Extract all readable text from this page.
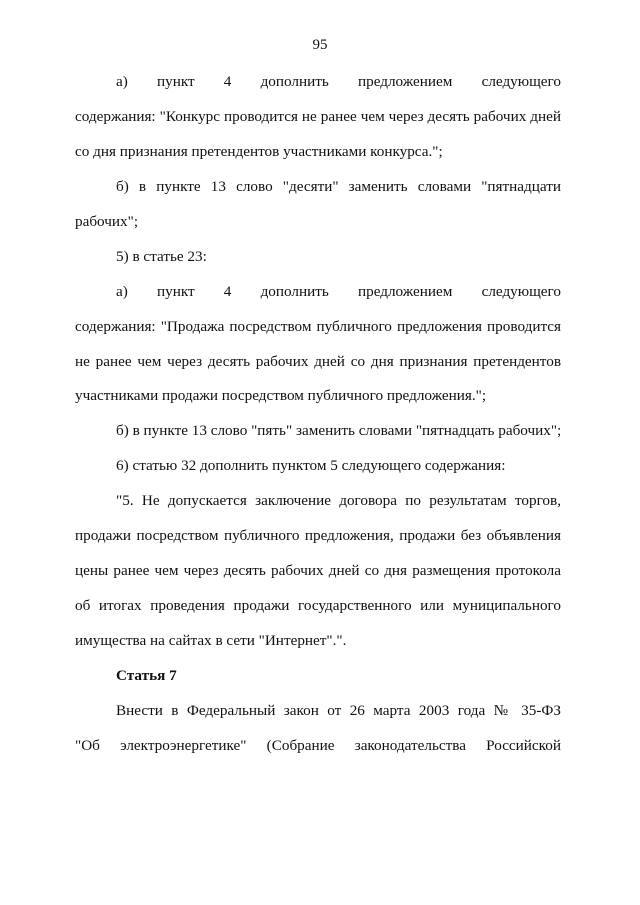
95
а) пункт 4 дополнить предложением следующего
содержания: "Конкурс проводится не ранее чем через десять рабочих дней
со дня признания претендентов участниками конкурса.";
б) в пункте 13 слово "десяти" заменить словами "пятнадцати
рабочих";
5) в статье 23:
а) пункт 4 дополнить предложением следующего
содержания: "Продажа посредством публичного предложения проводится
не ранее чем через десять рабочих дней со дня признания претендентов
участниками продажи посредством публичного предложения.";
б) в пункте 13 слово "пять" заменить словами "пятнадцать рабочих";
6) статью 32 дополнить пунктом 5 следующего содержания:
"5. Не допускается заключение договора по результатам торгов,
продажи посредством публичного предложения, продажи без объявления
цены ранее чем через десять рабочих дней со дня размещения протокола
об итогах проведения продажи государственного или муниципального
имущества на сайтах в сети "Интернет".".
Статья 7
Внести в Федеральный закон от 26 марта 2003 года № 35-ФЗ
"Об электроэнергетике" (Собрание законодательства Российской
